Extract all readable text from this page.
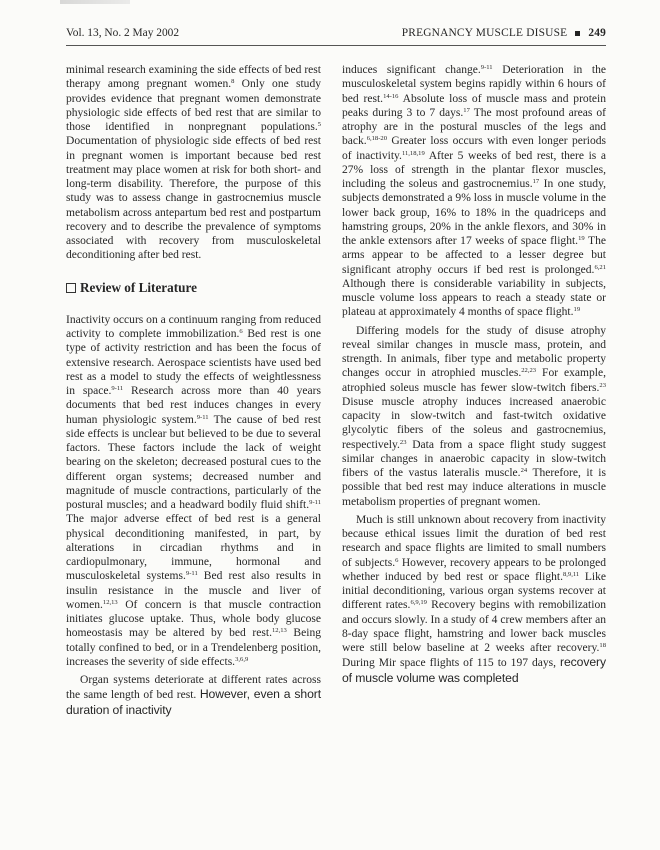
Vol. 13, No. 2 May 2002	PREGNANCY MUSCLE DISUSE 249

minimal research examining the side effects of bed rest therapy among pregnant women.$^8$ Only one study provides evidence that pregnant women demonstrate physiologic side effects of bed rest that are similar to those identified in nonpregnant populations.$^5$ Documentation of physiologic side effects of bed rest in pregnant women is important because bed rest treatment may place women at risk for both short- and long-term disability. Therefore, the purpose of this study was to assess change in gastrocnemius muscle metabolism across antepartum bed rest and postpartum recovery and to describe the prevalence of symptoms associated with recovery from musculoskeletal deconditioning after bed rest.

Review of Literature

Inactivity occurs on a continuum ranging from reduced activity to complete immobilization.$^6$ Bed rest is one type of activity restriction and has been the focus of extensive research. Aerospace scientists have used bed rest as a model to study the effects of weightlessness in space.$^{9-11}$ Research across more than 40 years documents that bed rest induces changes in every human physiologic system.$^{9-11}$ The cause of bed rest side effects is unclear but believed to be due to several factors. These factors include the lack of weight bearing on the skeleton; decreased postural cues to the different organ systems; decreased number and magnitude of muscle contractions, particularly of the postural muscles; and a headward bodily fluid shift.$^{9-11}$ The major adverse effect of bed rest is a general physical deconditioning manifested, in part, by alterations in circadian rhythms and in cardiopulmonary, immune, hormonal and musculoskeletal systems.$^{9-11}$ Bed rest also results in insulin resistance in the muscle and liver of women.$^{12,13}$ Of concern is that muscle contraction initiates glucose uptake. Thus, whole body glucose homeostasis may be altered by bed rest.$^{12,13}$ Being totally confined to bed, or in a Trendelenberg position, increases the severity of side effects.$^{3,6,9}$

Organ systems deteriorate at different rates across the same length of bed rest. However, even a short duration of inactivity

induces significant change.$^{9-11}$ Deterioration in the musculoskeletal system begins rapidly within 6 hours of bed rest.$^{14-16}$ Absolute loss of muscle mass and protein peaks during 3 to 7 days.$^{17}$ The most profound areas of atrophy are in the postural muscles of the legs and back.$^{6,18-20}$ Greater loss occurs with even longer periods of inactivity.$^{11,18,19}$ After 5 weeks of bed rest, there is a 27% loss of strength in the plantar flexor muscles, including the soleus and gastrocnemius.$^{17}$ In one study, subjects demonstrated a 9% loss in muscle volume in the lower back group, 16% to 18% in the quadriceps and hamstring groups, 20% in the ankle flexors, and 30% in the ankle extensors after 17 weeks of space flight.$^{19}$ The arms appear to be affected to a lesser degree but significant atrophy occurs if bed rest is prolonged.$^{6,21}$ Although there is considerable variability in subjects, muscle volume loss appears to reach a steady state or plateau at approximately 4 months of space flight.$^{19}$

Differing models for the study of disuse atrophy reveal similar changes in muscle mass, protein, and strength. In animals, fiber type and metabolic property changes occur in atrophied muscles.$^{22,23}$ For example, atrophied soleus muscle has fewer slow-twitch fibers.$^{23}$ Disuse muscle atrophy induces increased anaerobic capacity in slow-twitch and fast-twitch oxidative glycolytic fibers of the soleus and gastrocnemius, respectively.$^{23}$ Data from a space flight study suggest similar changes in anaerobic capacity in slow-twitch fibers of the vastus lateralis muscle.$^{24}$ Therefore, it is possible that bed rest may induce alterations in muscle metabolism properties of pregnant women.

Much is still unknown about recovery from inactivity because ethical issues limit the duration of bed rest research and space flights are limited to small numbers of subjects.$^6$ However, recovery appears to be prolonged whether induced by bed rest or space flight.$^{8,9,11}$ Like initial deconditioning, various organ systems recover at different rates.$^{6,9,19}$ Recovery begins with remobilization and occurs slowly. In a study of 4 crew members after an 8-day space flight, hamstring and lower back muscles were still below baseline at 2 weeks after recovery.$^{18}$ During Mir space flights of 115 to 197 days, recovery of muscle volume was completed
